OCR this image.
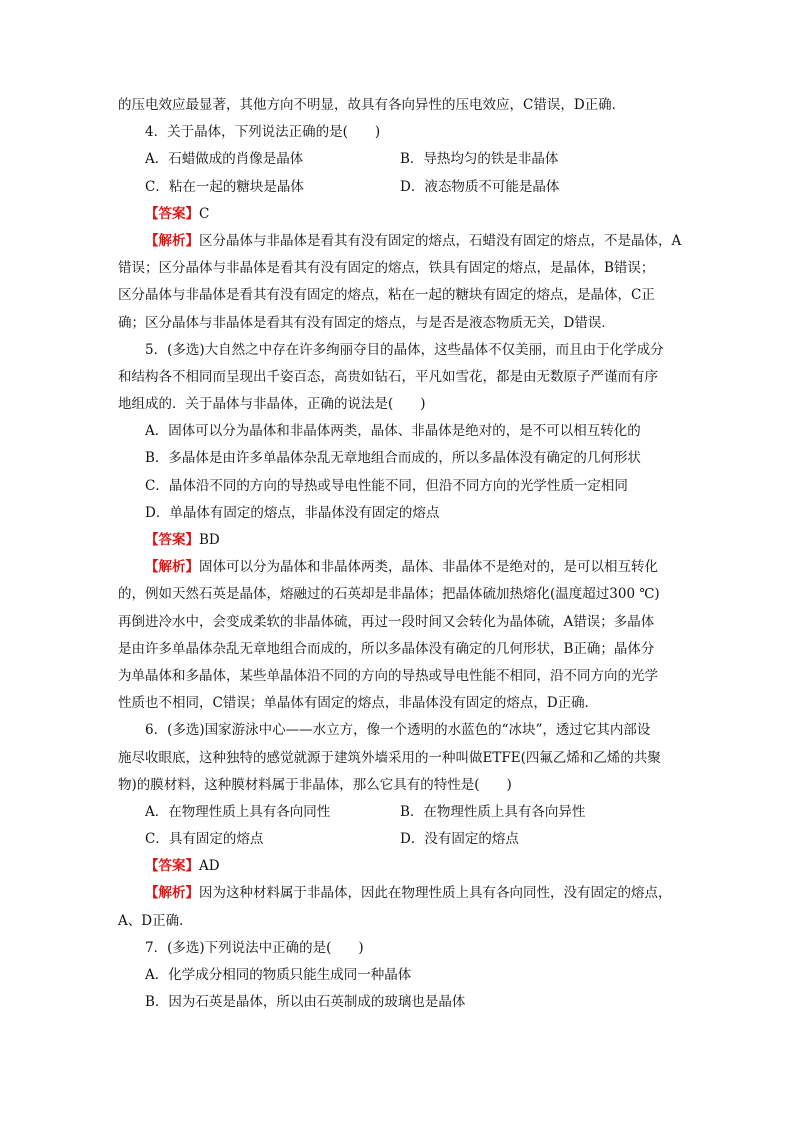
的压电效应最显著，其他方向不明显，故具有各向异性的压电效应，C错误，D正确．
4．关于晶体，下列说法正确的是(　　)
A．石蜡做成的肖像是晶体	B．导热均匀的铁是非晶体
C．粘在一起的糖块是晶体	D．液态物质不可能是晶体
【答案】C
【解析】区分晶体与非晶体是看其有没有固定的熔点，石蜡没有固定的熔点，不是晶体，A
错误；区分晶体与非晶体是看其有没有固定的熔点，铁具有固定的熔点，是晶体，B错误；
区分晶体与非晶体是看其有没有固定的熔点，粘在一起的糖块有固定的熔点，是晶体，C正
确；区分晶体与非晶体是看其有没有固定的熔点，与是否是液态物质无关，D错误．
5．(多选)大自然之中存在许多绚丽夺目的晶体，这些晶体不仅美丽，而且由于化学成分
和结构各不相同而呈现出千姿百态，高贵如钻石，平凡如雪花，都是由无数原子严谨而有序
地组成的．关于晶体与非晶体，正确的说法是(　　)
A．固体可以分为晶体和非晶体两类，晶体、非晶体是绝对的，是不可以相互转化的
B．多晶体是由许多单晶体杂乱无章地组合而成的，所以多晶体没有确定的几何形状
C．晶体沿不同的方向的导热或导电性能不同，但沿不同方向的光学性质一定相同
D．单晶体有固定的熔点，非晶体没有固定的熔点
【答案】BD
【解析】固体可以分为晶体和非晶体两类，晶体、非晶体不是绝对的，是可以相互转化
的，例如天然石英是晶体，熔融过的石英却是非晶体；把晶体硫加热熔化(温度超过300 ℃)
再倒进冷水中，会变成柔软的非晶体硫，再过一段时间又会转化为晶体硫，A错误；多晶体
是由许多单晶体杂乱无章地组合而成的，所以多晶体没有确定的几何形状，B正确；晶体分
为单晶体和多晶体，某些单晶体沿不同的方向的导热或导电性能不相同，沿不同方向的光学
性质也不相同，C错误；单晶体有固定的熔点，非晶体没有固定的熔点，D正确．
6．(多选)国家游泳中心——水立方，像一个透明的水蓝色的“冰块”，透过它其内部设
施尽收眼底，这种独特的感觉就源于建筑外墙采用的一种叫做ETFE(四氟乙烯和乙烯的共聚
物)的膜材料，这种膜材料属于非晶体，那么它具有的特性是(　　)
A．在物理性质上具有各向同性	B．在物理性质上具有各向异性
C．具有固定的熔点	D．没有固定的熔点
【答案】AD
【解析】因为这种材料属于非晶体，因此在物理性质上具有各向同性，没有固定的熔点，
A、D正确．
7．(多选)下列说法中正确的是(　　)
A．化学成分相同的物质只能生成同一种晶体
B．因为石英是晶体，所以由石英制成的玻璃也是晶体
